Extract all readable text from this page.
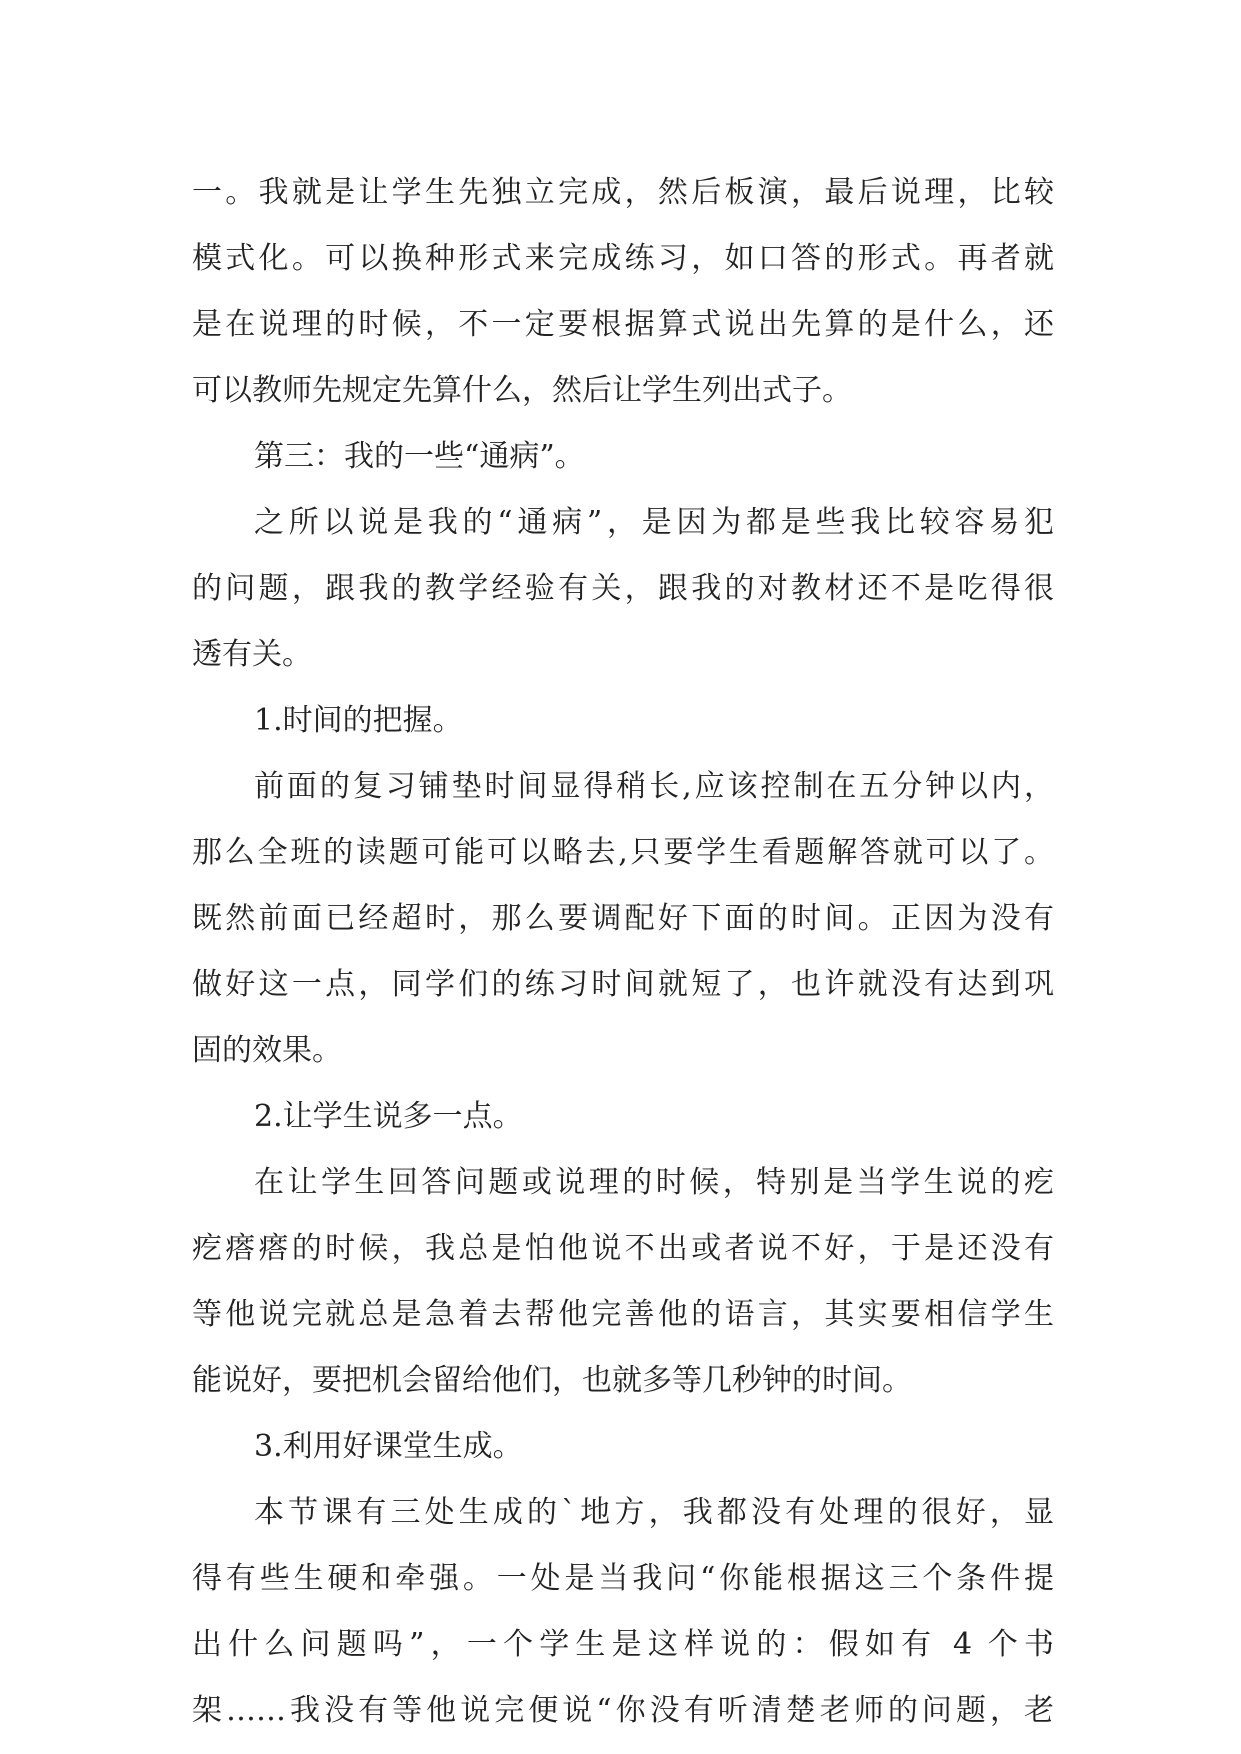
一。我就是让学生先独立完成，然后板演，最后说理，比较
模式化。可以换种形式来完成练习，如口答的形式。再者就
是在说理的时候，不一定要根据算式说出先算的是什么，还
可以教师先规定先算什么，然后让学生列出式子。
第三：我的一些“通病”。
之所以说是我的“通病”，是因为都是些我比较容易犯
的问题，跟我的教学经验有关，跟我的对教材还不是吃得很
透有关。
1.时间的把握。
前面的复习铺垫时间显得稍长,应该控制在五分钟以内，
那么全班的读题可能可以略去,只要学生看题解答就可以了。
既然前面已经超时，那么要调配好下面的时间。正因为没有
做好这一点，同学们的练习时间就短了，也许就没有达到巩
固的效果。
2.让学生说多一点。
在让学生回答问题或说理的时候，特别是当学生说的疙
疙瘩瘩的时候，我总是怕他说不出或者说不好，于是还没有
等他说完就总是急着去帮他完善他的语言，其实要相信学生
能说好，要把机会留给他们，也就多等几秒钟的时间。
3.利用好课堂生成。
本节课有三处生成的`地方，我都没有处理的很好，显
得有些生硬和牵强。一处是当我问“你能根据这三个条件提
出什么问题吗”，一个学生是这样说的：假如有 4 个书
架……我没有等他说完便说“你没有听清楚老师的问题，老
